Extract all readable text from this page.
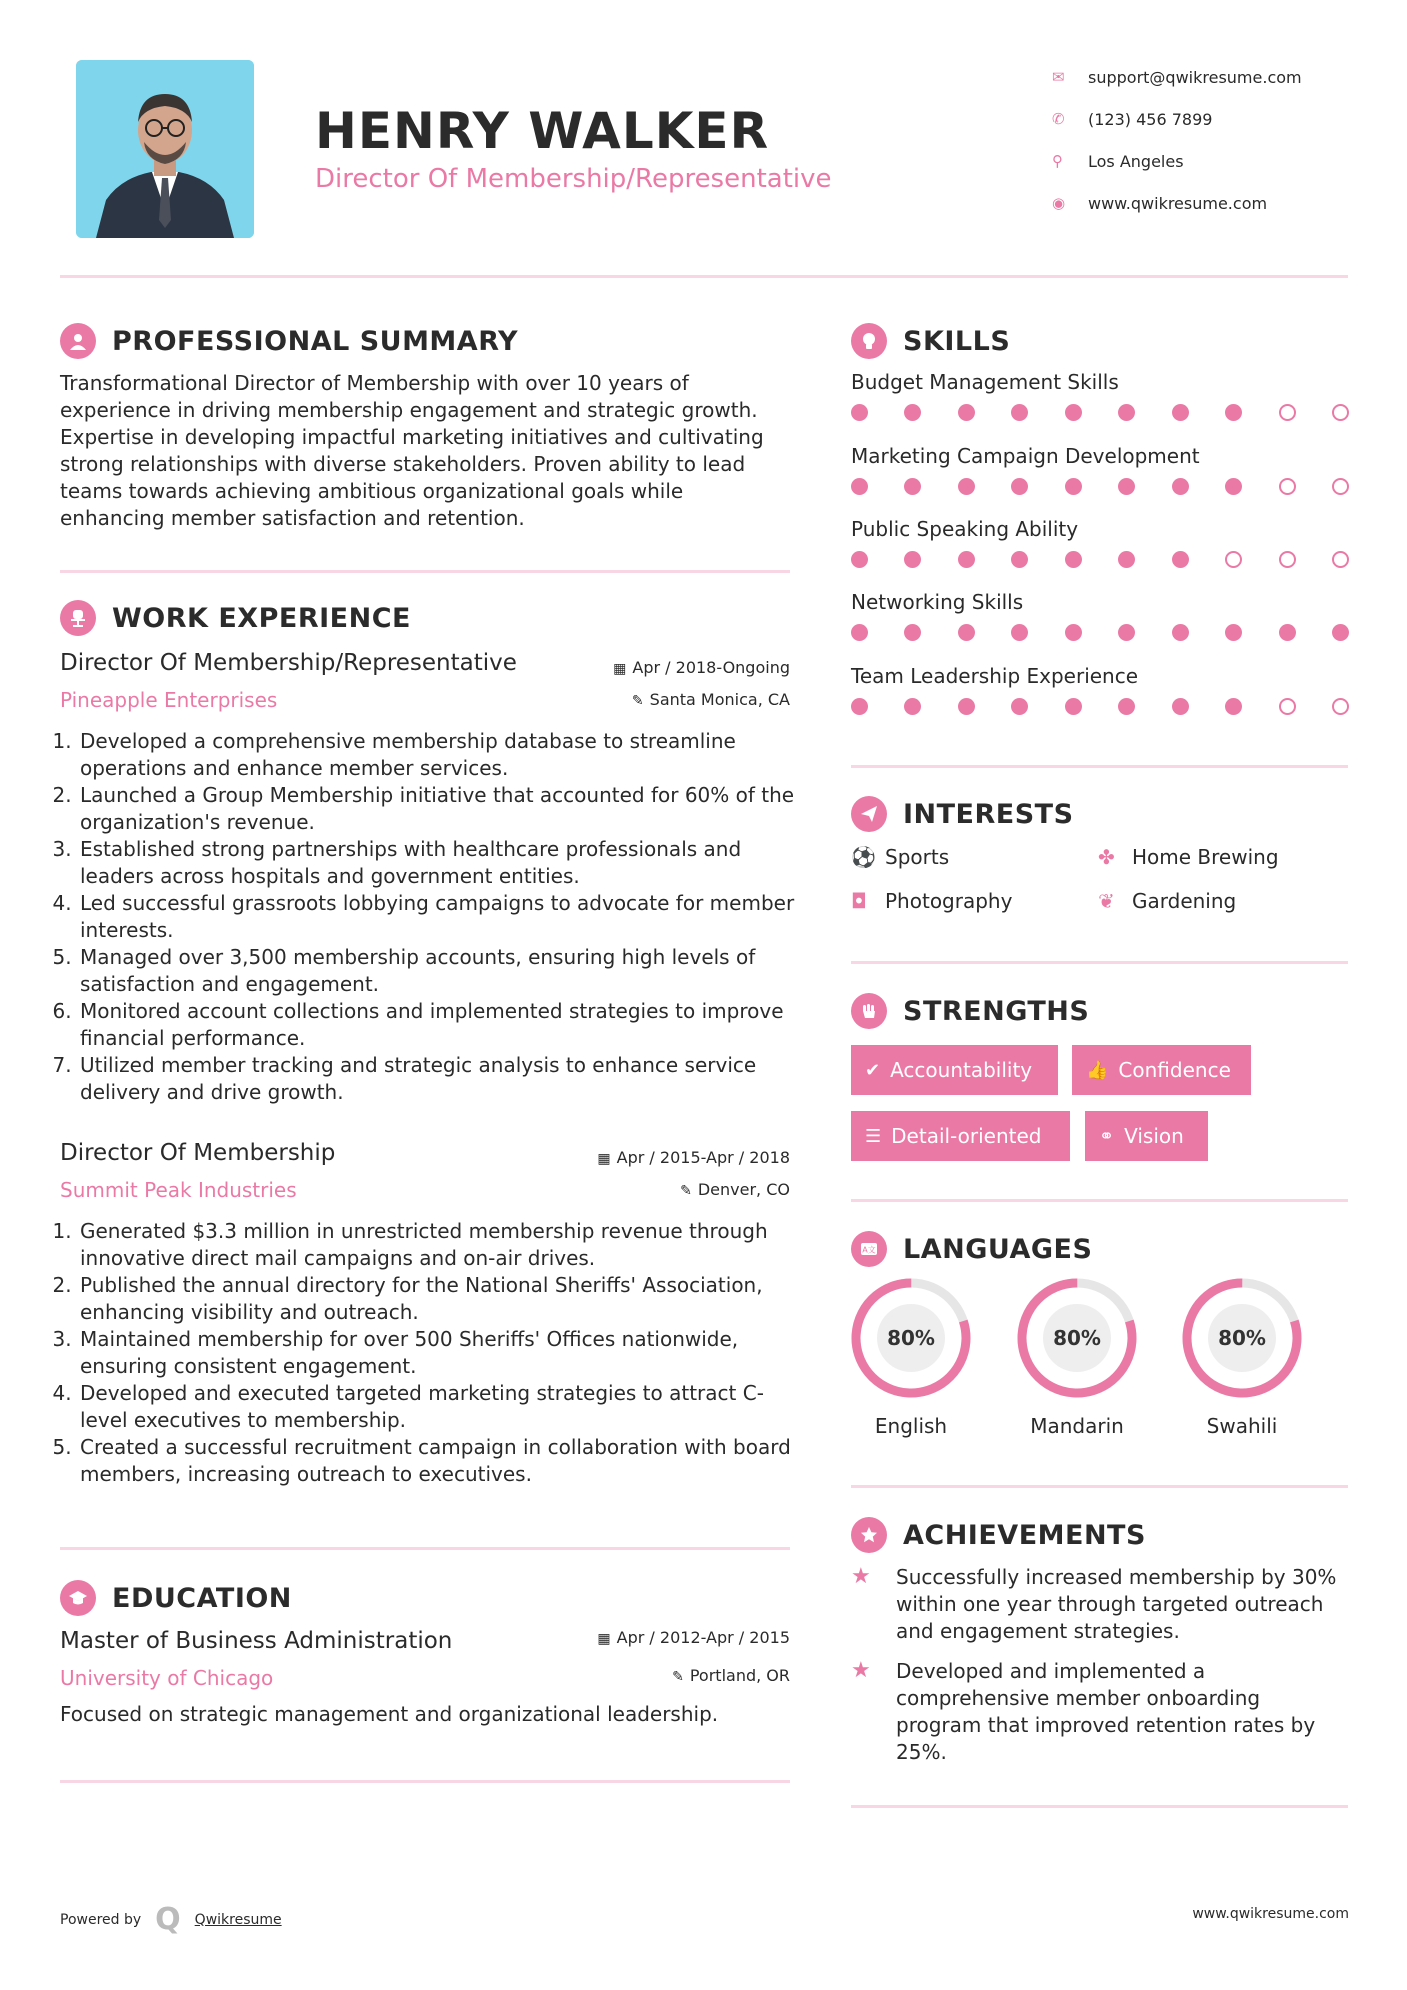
HENRY WALKER
Director Of Membership/Representative
✉	support@qwikresume.com
✆	(123) 456 7899
⚲	Los Angeles
◉	www.qwikresume.com
PROFESSIONAL SUMMARY
Transformational Director of Membership with over 10 years of experience in driving membership engagement and strategic growth. Expertise in developing impactful marketing initiatives and cultivating strong relationships with diverse stakeholders. Proven ability to lead teams towards achieving ambitious organizational goals while enhancing member satisfaction and retention.
WORK EXPERIENCE
Director Of Membership/Representative
Pineapple Enterprises
▦ Apr / 2018-Ongoing
✎ Santa Monica, CA
1. Developed a comprehensive membership database to streamline operations and enhance member services.
2. Launched a Group Membership initiative that accounted for 60% of the organization's revenue.
3. Established strong partnerships with healthcare professionals and leaders across hospitals and government entities.
4. Led successful grassroots lobbying campaigns to advocate for member interests.
5. Managed over 3,500 membership accounts, ensuring high levels of satisfaction and engagement.
6. Monitored account collections and implemented strategies to improve financial performance.
7. Utilized member tracking and strategic analysis to enhance service delivery and drive growth.
Director Of Membership
Summit Peak Industries
▦ Apr / 2015-Apr / 2018
✎ Denver, CO
1. Generated $3.3 million in unrestricted membership revenue through innovative direct mail campaigns and on-air drives.
2. Published the annual directory for the National Sheriffs' Association, enhancing visibility and outreach.
3. Maintained membership for over 500 Sheriffs' Offices nationwide, ensuring consistent engagement.
4. Developed and executed targeted marketing strategies to attract C-level executives to membership.
5. Created a successful recruitment campaign in collaboration with board members, increasing outreach to executives.
EDUCATION
Master of Business Administration
University of Chicago
▦ Apr / 2012-Apr / 2015
✎ Portland, OR
Focused on strategic management and organizational leadership.
SKILLS
Budget Management Skills
Marketing Campaign Development
Public Speaking Ability
Networking Skills
Team Leadership Experience
INTERESTS
⚽ Sports	✤ Home Brewing
◘ Photography	❦ Gardening
STRENGTHS
✔ Accountability	👍 Confidence
☰ Detail-oriented	⚭ Vision
A文 LANGUAGES
80%
English
80%
Mandarin
80%
Swahili
ACHIEVEMENTS
★	Successfully increased membership by 30% within one year through targeted outreach and engagement strategies.
★	Developed and implemented a comprehensive member onboarding program that improved retention rates by 25%.
Powered by Q Qwikresume	www.qwikresume.com
